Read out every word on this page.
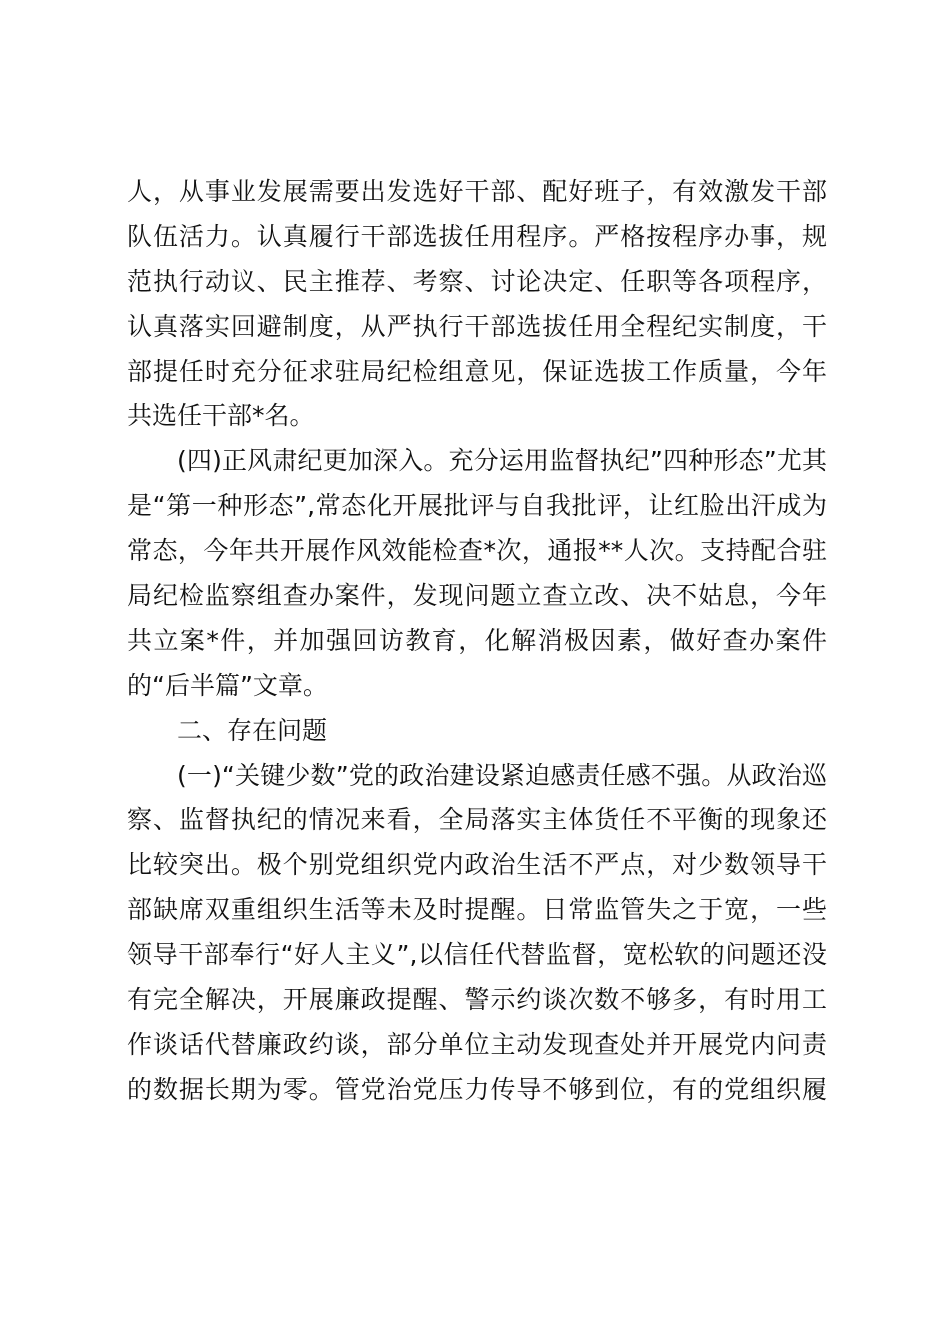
人，从事业发展需要出发选好干部、配好班子，有效激发干部
队伍活力。认真履行干部选拔任用程序。严格按程序办事，规
范执行动议、民主推荐、考察、讨论决定、任职等各项程序，
认真落实回避制度，从严执行干部选拔任用全程纪实制度，干
部提任时充分征求驻局纪检组意见，保证选拔工作质量，今年
共选任干部*名。
(四)正风肃纪更加深入。充分运用监督执纪”四种形态”尤其
是“第一种形态”,常态化开展批评与自我批评，让红脸出汗成为
常态，今年共开展作风效能检查*次，通报**人次。支持配合驻
局纪检监察组查办案件，发现问题立查立改、决不姑息，今年
共立案*件，并加强回访教育，化解消极因素，做好查办案件
的“后半篇”文章。
二、存在问题
(一)“关键少数”党的政治建设紧迫感责任感不强。从政治巡
察、监督执纪的情况来看，全局落实主体货任不平衡的现象还
比较突出。极个别党组织党内政治生活不严点，对少数领导干
部缺席双重组织生活等未及时提醒。日常监管失之于宽，一些
领导干部奉行“好人主义”,以信任代替监督，宽松软的问题还没
有完全解决，开展廉政提醒、警示约谈次数不够多，有时用工
作谈话代替廉政约谈，部分单位主动发现查处并开展党内问责
的数据长期为零。管党治党压力传导不够到位，有的党组织履
